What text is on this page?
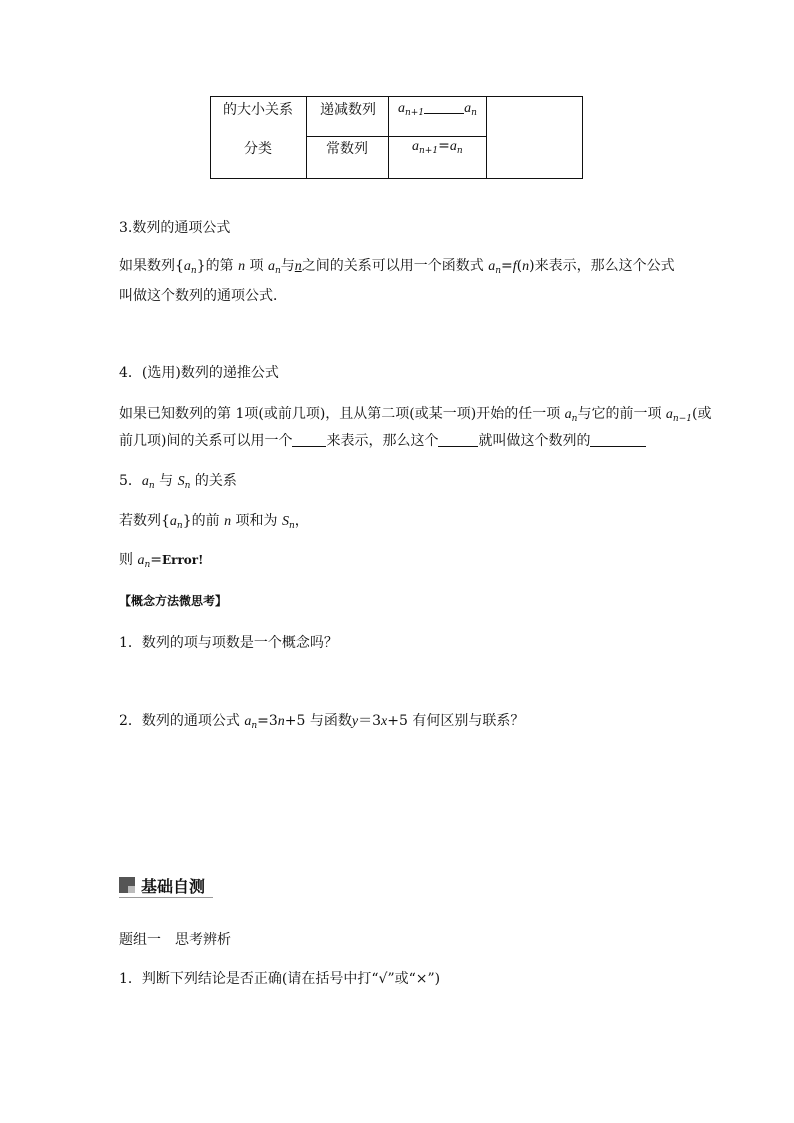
的大小关系
分类
递减数列
常数列
$a_{n+1}$	$a_n$
$a_{n+1}=a_n$
3.数列的通项公式
如果数列$\{a_n\}$的第 n 项 $a_n$与n之间的关系可以用一个函数式 $a_n=f(n)$来表示，那么这个公式
叫做这个数列的通项公式．
4．(选用)数列的递推公式
如果已知数列的第 1项(或前几项)，且从第二项(或某一项)开始的任一项 $a_n$与它的前一项 $a_{n-1}$(或
前几项)间的关系可以用一个 来表示，那么这个	就叫做这个数列的
5．$a_n$ 与 $S_n$ 的关系
若数列$\{a_n\}$的前 n 项和为 $S_n$，
则 $a_n=Error$!
【概念方法微思考】
1．数列的项与项数是一个概念吗？
2．数列的通项公式 $a_n=3n+5$ 与函数y＝3x+5 有何区别与联系？
基础自测
题组一　思考辨析
1．判断下列结论是否正确(请在括号中打“√”或“×”)
